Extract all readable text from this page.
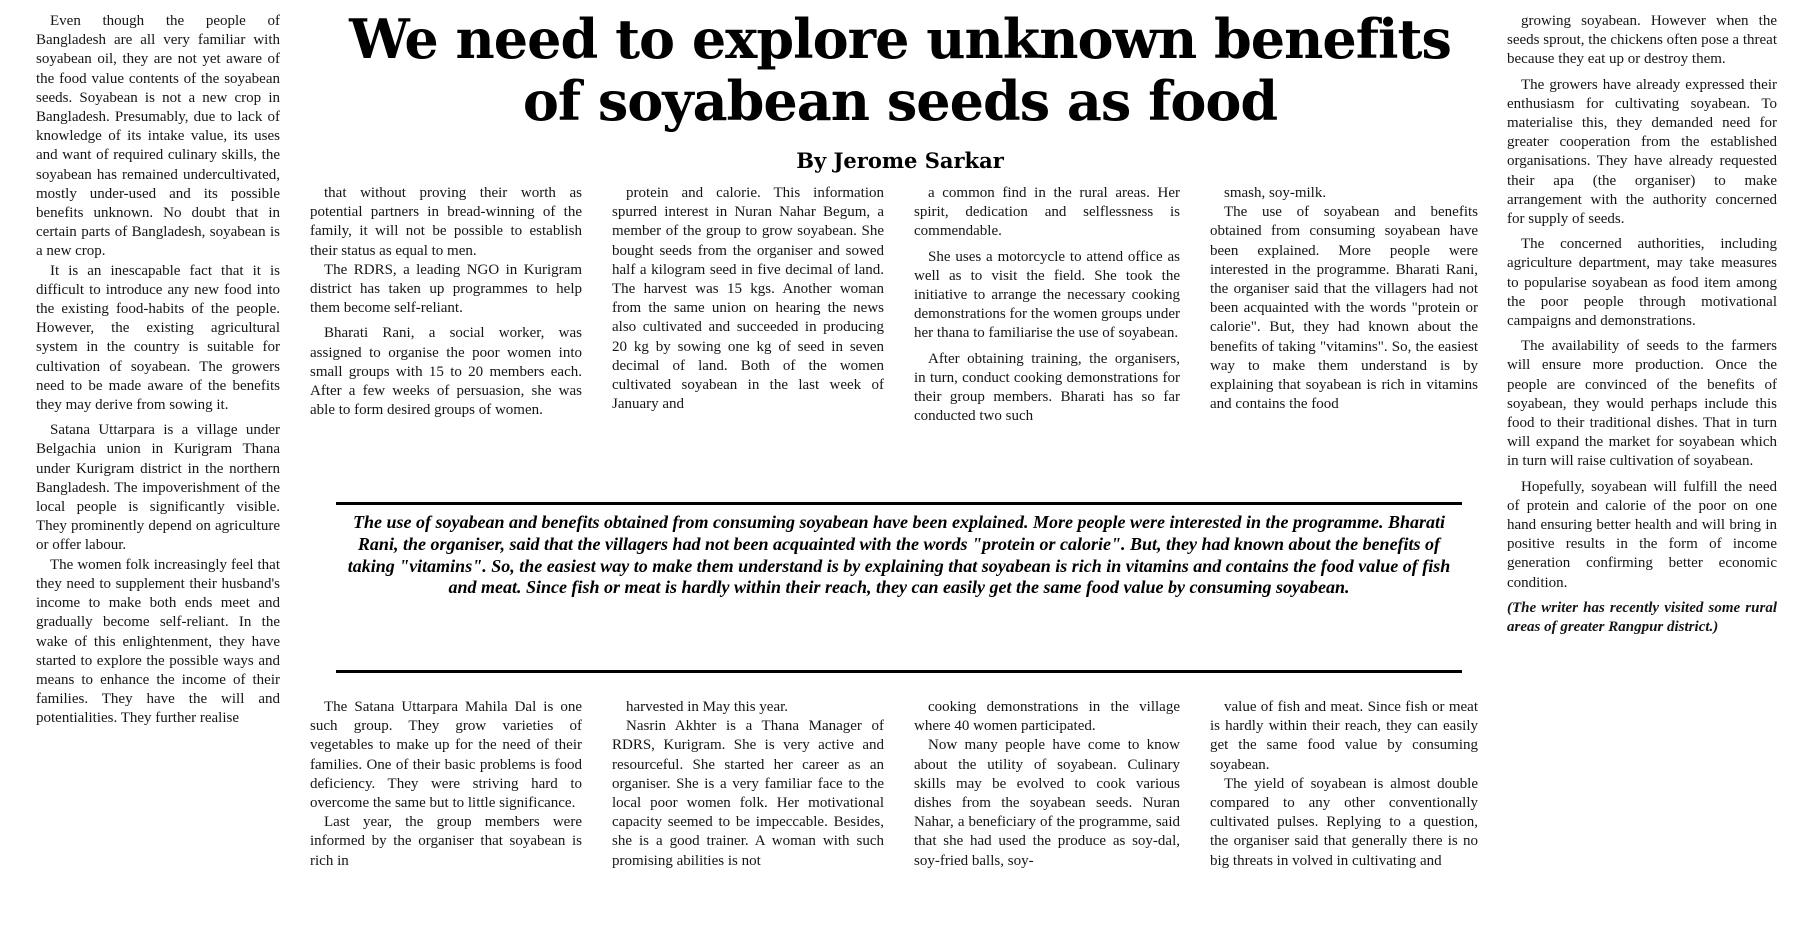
We need to explore unknown benefits
of soyabean seeds as food
By Jerome Sarkar

Even though the people of Bangladesh are all very familiar with soyabean oil, they are not yet aware of the food value contents of the soyabean seeds. Soyabean is not a new crop in Bangladesh. Presumably, due to lack of knowledge of its intake value, its uses and want of required culinary skills, the soyabean has remained undercultivated, mostly under-used and its possible benefits unknown. No doubt that in certain parts of Bangladesh, soyabean is a new crop.

It is an inescapable fact that it is difficult to introduce any new food into the existing food-habits of the people. However, the existing agricultural system in the country is suitable for cultivation of soyabean. The growers need to be made aware of the benefits they may derive from sowing it.

Satana Uttarpara is a village under Belgachia union in Kurigram Thana under Kurigram district in the northern Bangladesh. The impoverishment of the local people is significantly visible. They prominently depend on agriculture or offer labour.

The women folk increasingly feel that they need to supplement their husband's income to make both ends meet and gradually become self-reliant. In the wake of this enlightenment, they have started to explore the possible ways and means to enhance the income of their families. They have the will and potentialities. They further realise

that without proving their worth as potential partners in bread-winning of the family, it will not be possible to establish their status as equal to men.

The RDRS, a leading NGO in Kurigram district has taken up programmes to help them become self-reliant.

Bharati Rani, a social worker, was assigned to organise the poor women into small groups with 15 to 20 members each. After a few weeks of persuasion, she was able to form desired groups of women.

protein and calorie. This information spurred interest in Nuran Nahar Begum, a member of the group to grow soyabean. She bought seeds from the organiser and sowed half a kilogram seed in five decimal of land. The harvest was 15 kgs. Another woman from the same union on hearing the news also cultivated and succeeded in producing 20 kg by sowing one kg of seed in seven decimal of land. Both of the women cultivated soyabean in the last week of January and

a common find in the rural areas. Her spirit, dedication and selflessness is commendable.

She uses a motorcycle to attend office as well as to visit the field. She took the initiative to arrange the necessary cooking demonstrations for the women groups under her thana to familiarise the use of soyabean.

After obtaining training, the organisers, in turn, conduct cooking demonstrations for their group members. Bharati has so far conducted two such

smash, soy-milk.

The use of soyabean and benefits obtained from consuming soyabean have been explained. More people were interested in the programme. Bharati Rani, the organiser said that the villagers had not been acquainted with the words "protein or calorie". But, they had known about the benefits of taking "vitamins". So, the easiest way to make them understand is by explaining that soyabean is rich in vitamins and contains the food

growing soyabean. However when the seeds sprout, the chickens often pose a threat because they eat up or destroy them.

The growers have already expressed their enthusiasm for cultivating soyabean. To materialise this, they demanded need for greater cooperation from the established organisations. They have already requested their apa (the organiser) to make arrangement with the authority concerned for supply of seeds.

The concerned authorities, including agriculture department, may take measures to popularise soyabean as food item among the poor people through motivational campaigns and demonstrations.

The availability of seeds to the farmers will ensure more production. Once the people are convinced of the benefits of soyabean, they would perhaps include this food to their traditional dishes. That in turn will expand the market for soyabean which in turn will raise cultivation of soyabean.

Hopefully, soyabean will fulfill the need of protein and calorie of the poor on one hand ensuring better health and will bring in positive results in the form of income generation confirming better economic condition.

(The writer has recently visited some rural areas of greater Rangpur district.)

The use of soyabean and benefits obtained from consuming soyabean have been explained. More people were interested in the programme. Bharati Rani, the organiser, said that the villagers had not been acquainted with the words "protein or calorie". But, they had known about the benefits of taking "vitamins". So, the easiest way to make them understand is by explaining that soyabean is rich in vitamins and contains the food value of fish and meat. Since fish or meat is hardly within their reach, they can easily get the same food value by consuming soyabean.

The Satana Uttarpara Mahila Dal is one such group. They grow varieties of vegetables to make up for the need of their families. One of their basic problems is food deficiency. They were striving hard to overcome the same but to little significance.

Last year, the group members were informed by the organiser that soyabean is rich in

harvested in May this year.

Nasrin Akhter is a Thana Manager of RDRS, Kurigram. She is very active and resourceful. She started her career as an organiser. She is a very familiar face to the local poor women folk. Her motivational capacity seemed to be impeccable. Besides, she is a good trainer. A woman with such promising abilities is not

cooking demonstrations in the village where 40 women participated.

Now many people have come to know about the utility of soyabean. Culinary skills may be evolved to cook various dishes from the soyabean seeds. Nuran Nahar, a beneficiary of the programme, said that she had used the produce as soy-dal, soy-fried balls, soy-

value of fish and meat. Since fish or meat is hardly within their reach, they can easily get the same food value by consuming soyabean.

The yield of soyabean is almost double compared to any other conventionally cultivated pulses. Replying to a question, the organiser said that generally there is no big threats in volved in cultivating and
